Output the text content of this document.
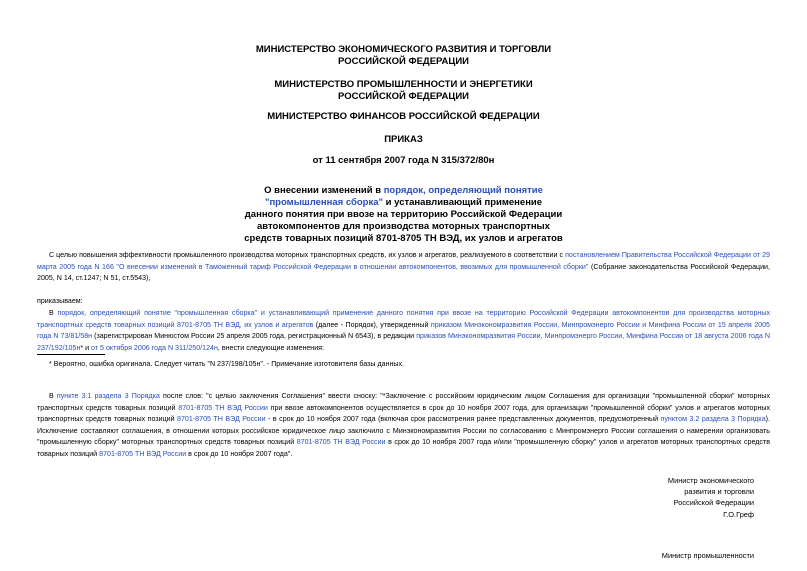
МИНИСТЕРСТВО ЭКОНОМИЧЕСКОГО РАЗВИТИЯ И ТОРГОВЛИ
РОССИЙСКОЙ ФЕДЕРАЦИИ
МИНИСТЕРСТВО ПРОМЫШЛЕННОСТИ И ЭНЕРГЕТИКИ
РОССИЙСКОЙ ФЕДЕРАЦИИ
МИНИСТЕРСТВО ФИНАНСОВ РОССИЙСКОЙ ФЕДЕРАЦИИ
ПРИКАЗ
от 11 сентября 2007 года N 315/372/80н
О внесении изменений в порядок, определяющий понятие
"промышленная сборка" и устанавливающий применение
данного понятия при ввозе на территорию Российской Федерации
автокомпонентов для производства моторных транспортных
средств товарных позиций 8701-8705 ТН ВЭД, их узлов и агрегатов

С целью повышения эффективности промышленного производства моторных транспортных средств, их узлов и агрегатов, реализуемого в соответствии с постановлением Правительства Российской Федерации от 29 марта 2005 года N 166 "О внесении изменений в Таможенный тариф Российской Федерации в отношении автокомпонентов, ввозимых для промышленной сборки" (Собрание законодательства Российской Федерации, 2005, N 14, ст.1247; N 51, ст.5543),

приказываем:

В порядок, определяющий понятие "промышленная сборка" и устанавливающий применение данного понятия при ввозе на территорию Российской Федерации автокомпонентов для производства моторных транспортных средств товарных позиций 8701-8705 ТН ВЭД, их узлов и агрегатов (далее - Порядок), утвержденный приказом Минэкономразвития России, Минпромэнерго России и Минфина России от 15 апреля 2005 года N 73/81/58н (зарегистрирован Минюстом России 25 апреля 2005 года, регистрационный N 6543), в редакции приказов Минэкономразвития России, Минпромэнерго России, Минфина России от 18 августа 2006 года N 237/192/105н* и от 5 октября 2006 года N 311/250/124н, внести следующие изменения:

* Вероятно, ошибка оригинала. Следует читать "N 237/198/105н". - Примечание изготовителя базы данных.

В пункте 3.1 раздела 3 Порядка после слов: "с целью заключения Соглашения" ввести сноску: "*Заключение с российским юридическим лицом Соглашения для организации "промышленной сборки" моторных транспортных средств товарных позиций 8701-8705 ТН ВЭД России при ввозе автокомпонентов осуществляется в срок до 10 ноября 2007 года, для организации "промышленной сборки" узлов и агрегатов моторных транспортных средств товарных позиций 8701-8705 ТН ВЭД России - в срок до 10 ноября 2007 года (включая срок рассмотрения ранее представленных документов, предусмотренный пунктом 3.2 раздела 3 Порядка). Исключение составляют соглашения, в отношении которых российское юридическое лицо заключило с Минэкономразвития России по согласованию с Минпромэнерго России соглашения о намерении организовать "промышленную сборку" моторных транспортных средств товарных позиций 8701-8705 ТН ВЭД России в срок до 10 ноября 2007 года и/или "промышленную сборку" узлов и агрегатов моторных транспортных средств товарных позиций 8701-8705 ТН ВЭД России в срок до 10 ноября 2007 года".

Министр экономического

развития и торговли

Российской Федерации

Г.О.Греф

Министр промышленности
